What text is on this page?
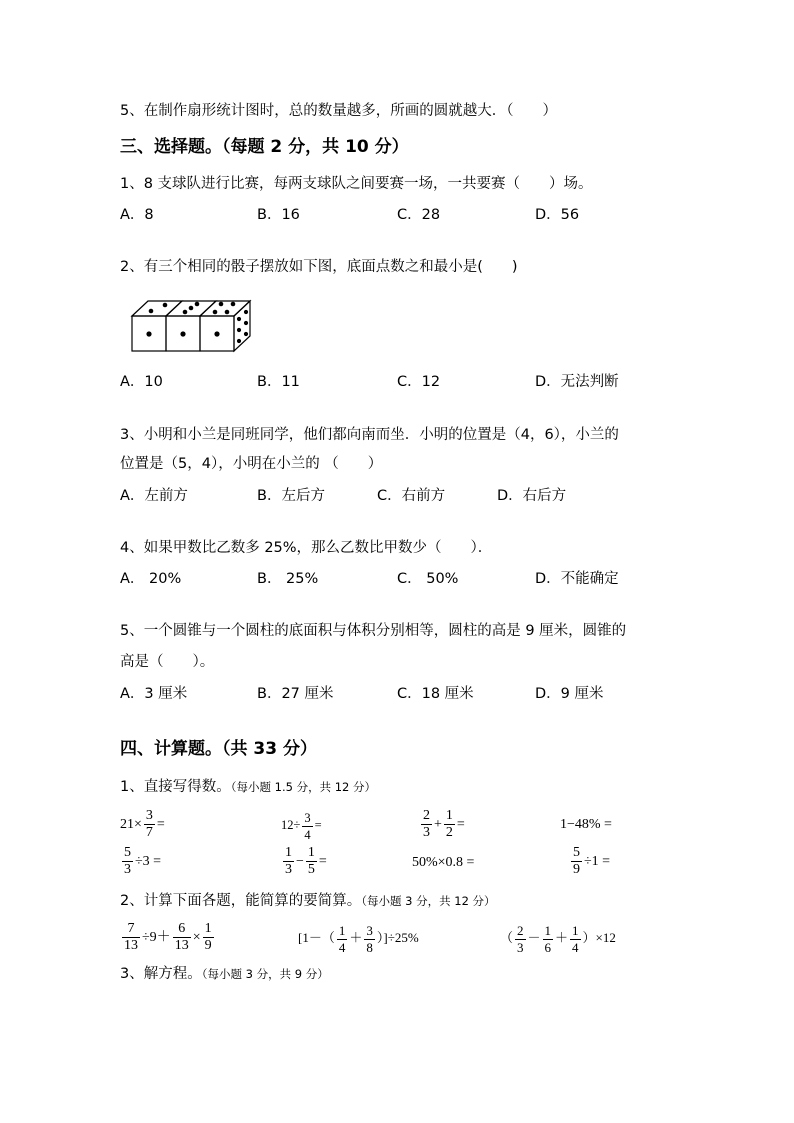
5、在制作扇形统计图时，总的数量越多，所画的圆就越大．（　　）
三、选择题。（每题 2 分，共 10 分）
1、8 支球队进行比赛，每两支球队之间要赛一场，一共要赛（　　）场。
A．8	B．16	C．28	D．56
2、有三个相同的骰子摆放如下图，底面点数之和最小是(　　)
A．10	B．11	C．12	D．无法判断
3、小明和小兰是同班同学，他们都向南而坐．小明的位置是（4，6），小兰的
位置是（5，4），小明在小兰的 （　　）
A．左前方	B．左后方	C．右前方	D．右后方
4、如果甲数比乙数多 25%，那么乙数比甲数少（　　）．
A． 20%	B． 25%	C． 50%	D．不能确定
5、一个圆锥与一个圆柱的底面积与体积分别相等，圆柱的高是 9 厘米，圆锥的
高是（　　）。
A．3 厘米	B．27 厘米	C．18 厘米	D．9 厘米
四、计算题。（共 33 分）
1、直接写得数。（每小题 1.5 分，共 12 分）
$21\times \frac{3}{7}$ =	$12\div \frac{3}{4}$ =	$\frac{2}{3} + \frac{1}{2}$ =	1−48% =
$\frac{5}{3} \div 3$ =	$\frac{1}{3} - \frac{1}{5}$ =	50%×0.8 =	$\frac{5}{9} \div 1$ =
2、计算下面各题，能简算的要简算。（每小题 3 分，共 12 分）
$\frac{7}{13} \div 9+ \frac{6}{13} \times \frac{1}{9}$	$[1-( \frac{1}{4} + \frac{3}{8} )]\div 25\%$	（ $\frac{2}{3} - \frac{1}{6} + \frac{1}{4} )\times 12$
3、解方程。（每小题 3 分，共 9 分）
